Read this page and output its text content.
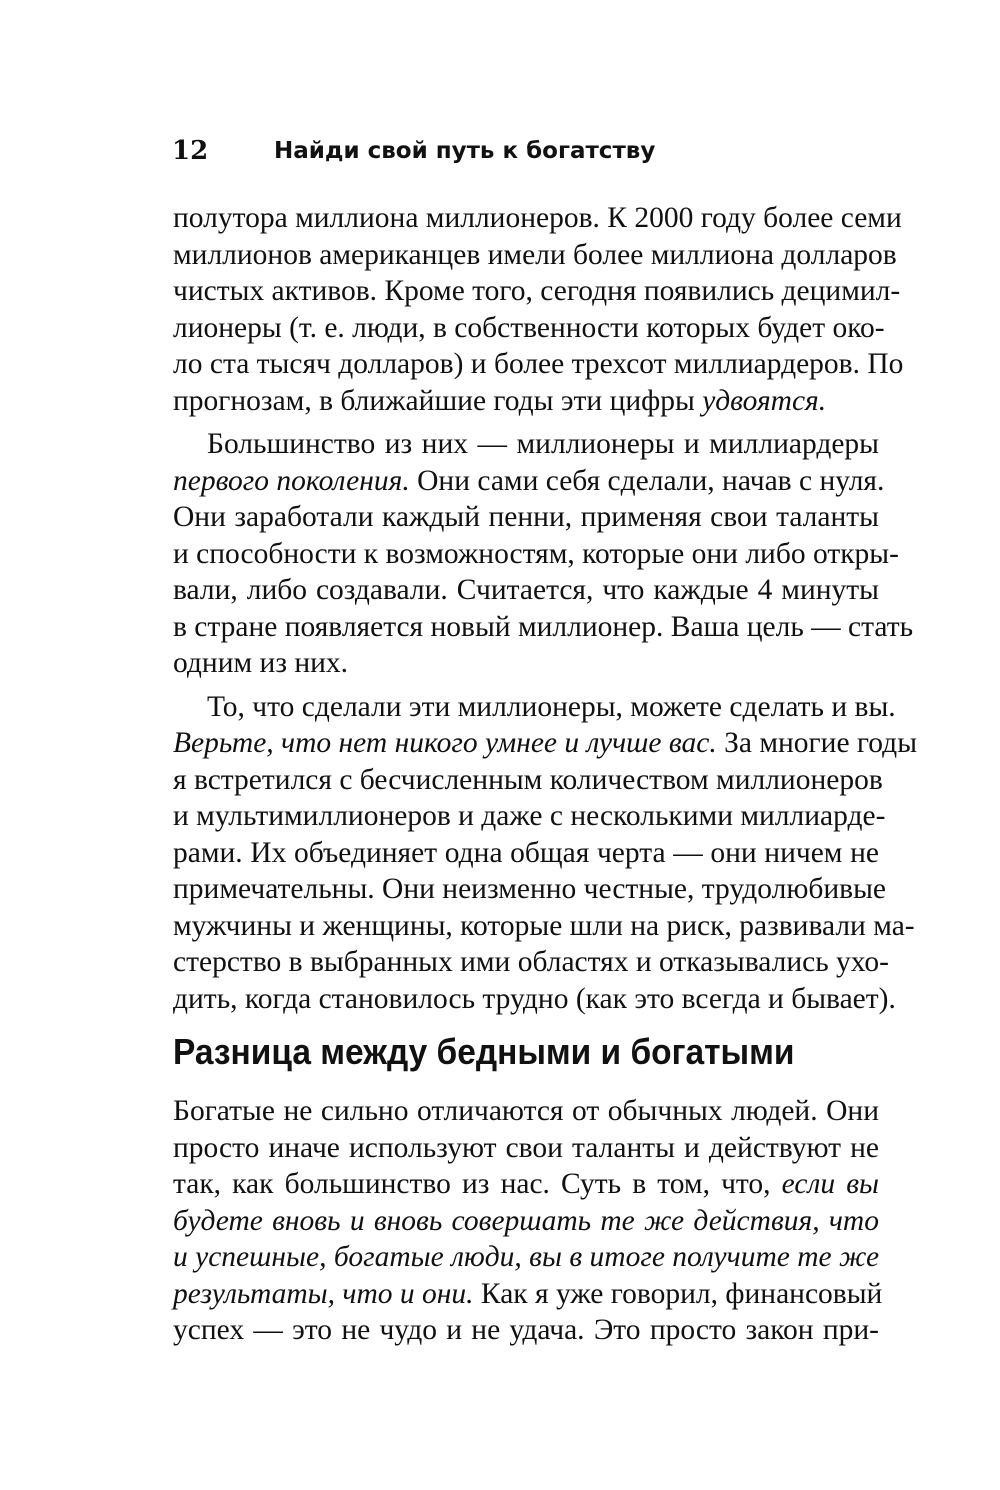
12	Найди свой путь к богатству
полутора миллиона миллионеров. К 2000 году более семи
миллионов американцев имели более миллиона долларов
чистых активов. Кроме того, сегодня появились децимил-
лионеры (т. е. люди, в собственности которых будет око-
ло ста тысяч долларов) и более трехсот миллиардеров. По
прогнозам, в ближайшие годы эти цифры удвоятся.
Большинство из них — миллионеры и миллиардеры
первого поколения. Они сами себя сделали, начав с нуля.
Они заработали каждый пенни, применяя свои таланты
и способности к возможностям, которые они либо откры-
вали, либо создавали. Считается, что каждые 4 минуты
в стране появляется новый миллионер. Ваша цель — стать
одним из них.
То, что сделали эти миллионеры, можете сделать и вы.
Верьте, что нет никого умнее и лучше вас. За многие годы
я встретился с бесчисленным количеством миллионеров
и мультимиллионеров и даже с несколькими миллиарде-
рами. Их объединяет одна общая черта — они ничем не
примечательны. Они неизменно честные, трудолюбивые
мужчины и женщины, которые шли на риск, развивали ма-
стерство в выбранных ими областях и отказывались ухо-
дить, когда становилось трудно (как это всегда и бывает).
Разница между бедными и богатыми
Богатые не сильно отличаются от обычных людей. Они
просто иначе используют свои таланты и действуют не
так, как большинство из нас. Суть в том, что, если вы
будете вновь и вновь совершать те же действия, что
и успешные, богатые люди, вы в итоге получите те же
результаты, что и они. Как я уже говорил, финансовый
успех — это не чудо и не удача. Это просто закон при-
